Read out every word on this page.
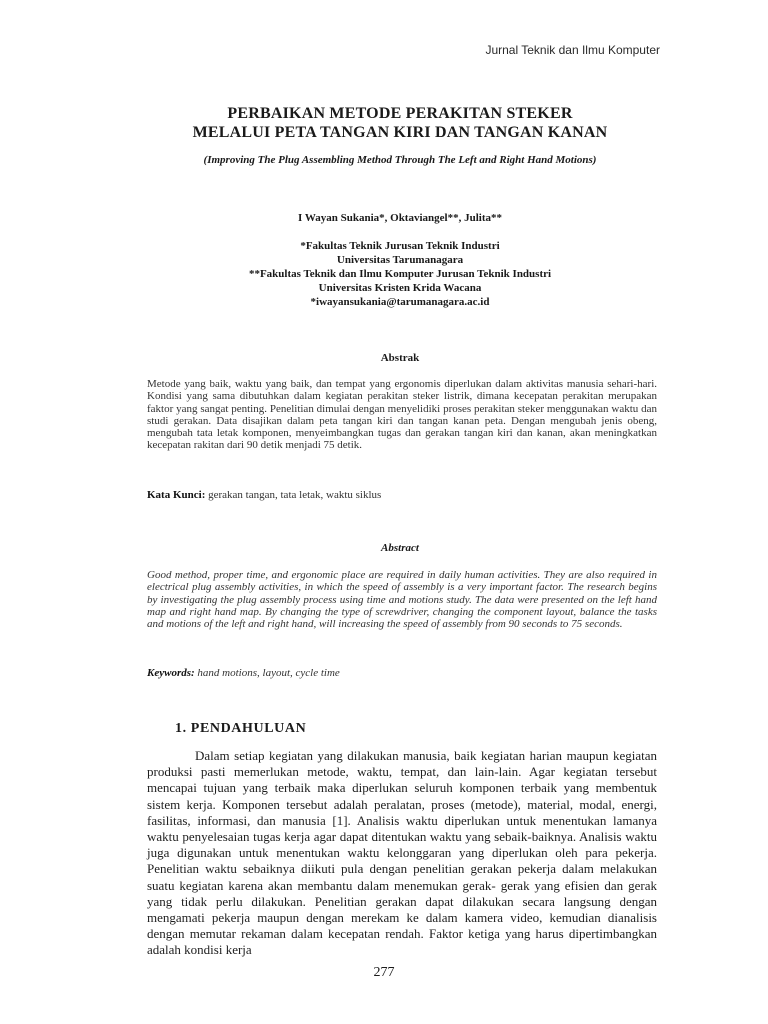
Jurnal Teknik dan Ilmu Komputer
PERBAIKAN METODE PERAKITAN STEKER
MELALUI PETA TANGAN KIRI DAN TANGAN KANAN
(Improving The Plug Assembling Method Through The Left and Right Hand Motions)
I Wayan Sukania*, Oktaviangel**, Julita**
*Fakultas Teknik Jurusan Teknik Industri
Universitas Tarumanagara
**Fakultas Teknik dan Ilmu Komputer Jurusan Teknik Industri
Universitas Kristen Krida Wacana
*iwayansukania@tarumanagara.ac.id
Abstrak
Metode yang baik, waktu yang baik, dan tempat yang ergonomis diperlukan dalam aktivitas manusia sehari-hari. Kondisi yang sama dibutuhkan dalam kegiatan perakitan steker listrik, dimana kecepatan perakitan merupakan faktor yang sangat penting. Penelitian dimulai dengan menyelidiki proses perakitan steker menggunakan waktu dan studi gerakan. Data disajikan dalam peta tangan kiri dan tangan kanan peta. Dengan mengubah jenis obeng, mengubah tata letak komponen, menyeimbangkan tugas dan gerakan tangan kiri dan kanan, akan meningkatkan kecepatan rakitan dari 90 detik menjadi 75 detik.
Kata Kunci: gerakan tangan, tata letak, waktu siklus
Abstract
Good method, proper time, and ergonomic place are required in daily human activities. They are also required in electrical plug assembly activities, in which the speed of assembly is a very important factor. The research begins by investigating the plug assembly process using time and motions study. The data were presented on the left hand map and right hand map. By changing the type of screwdriver, changing the component layout, balance the tasks and motions of the left and right hand, will increasing the speed of assembly from 90 seconds to 75 seconds.
Keywords: hand motions, layout, cycle time
1. PENDAHULUAN
Dalam setiap kegiatan yang dilakukan manusia, baik kegiatan harian maupun kegiatan produksi pasti memerlukan metode, waktu, tempat, dan lain-lain. Agar kegiatan tersebut mencapai tujuan yang terbaik maka diperlukan seluruh komponen terbaik yang membentuk sistem kerja. Komponen tersebut adalah peralatan, proses (metode), material, modal, energi, fasilitas, informasi, dan manusia [1]. Analisis waktu diperlukan untuk menentukan lamanya waktu penyelesaian tugas kerja agar dapat ditentukan waktu yang sebaik-baiknya. Analisis waktu juga digunakan untuk menentukan waktu kelonggaran yang diperlukan oleh para pekerja. Penelitian waktu sebaiknya diikuti pula dengan penelitian gerakan pekerja dalam melakukan suatu kegiatan karena akan membantu dalam menemukan gerak- gerak yang efisien dan gerak yang tidak perlu dilakukan. Penelitian gerakan dapat dilakukan secara langsung dengan mengamati pekerja maupun dengan merekam ke dalam kamera video, kemudian dianalisis dengan memutar rekaman dalam kecepatan rendah. Faktor ketiga yang harus dipertimbangkan adalah kondisi kerja
277
